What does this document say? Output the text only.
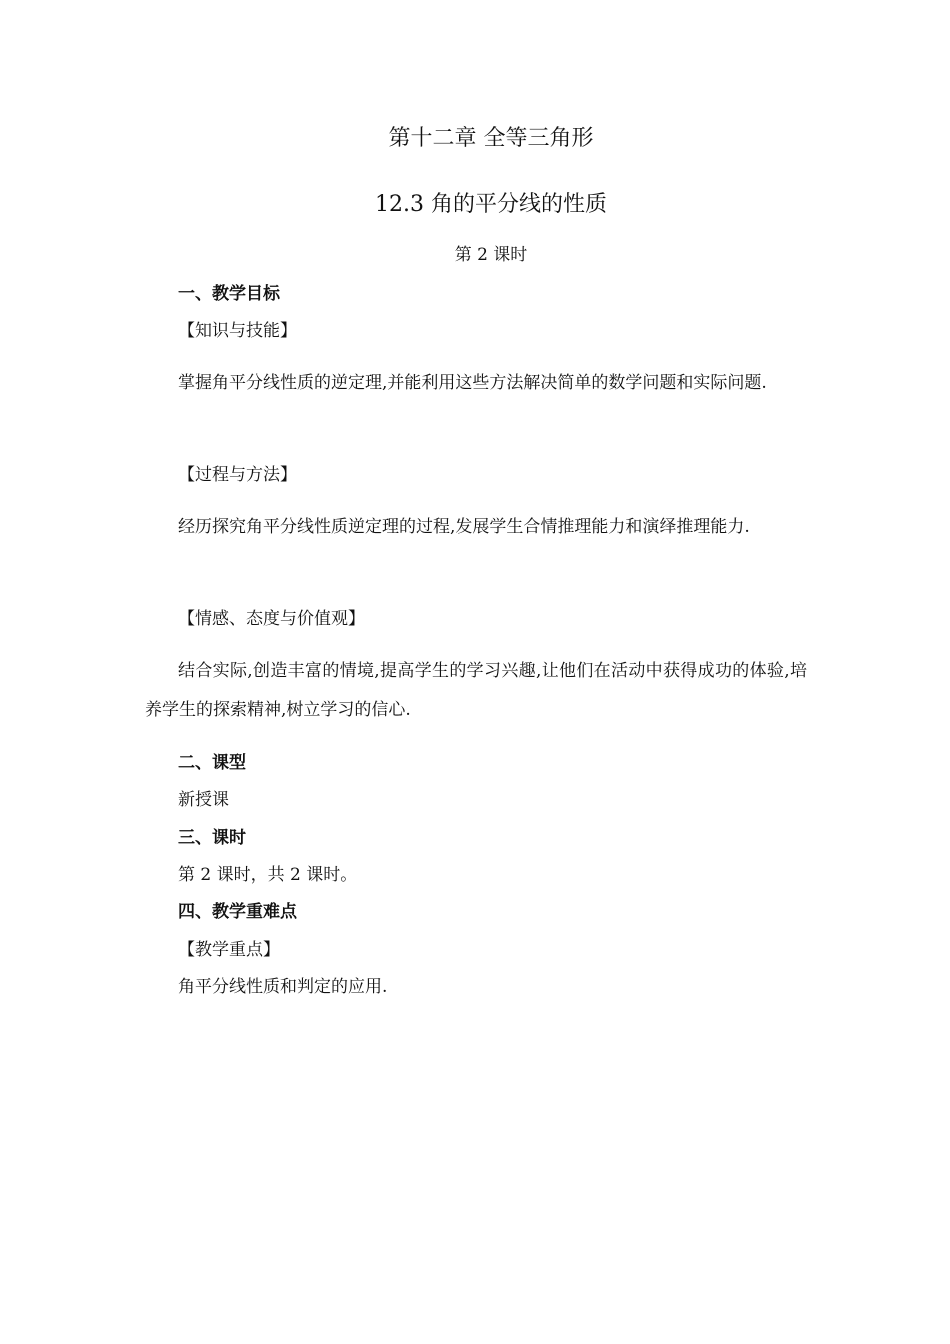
第十二章 全等三角形
12.3 角的平分线的性质
第 2 课时
一、教学目标
【知识与技能】
掌握角平分线性质的逆定理,并能利用这些方法解决简单的数学问题和实际问题.
【过程与方法】
经历探究角平分线性质逆定理的过程,发展学生合情推理能力和演绎推理能力.
【情感、态度与价值观】
结合实际,创造丰富的情境,提高学生的学习兴趣,让他们在活动中获得成功的体验,培养学生的探索精神,树立学习的信心.
二、课型
新授课
三、课时
第 2 课时，共 2 课时。
四、教学重难点
【教学重点】
角平分线性质和判定的应用.
